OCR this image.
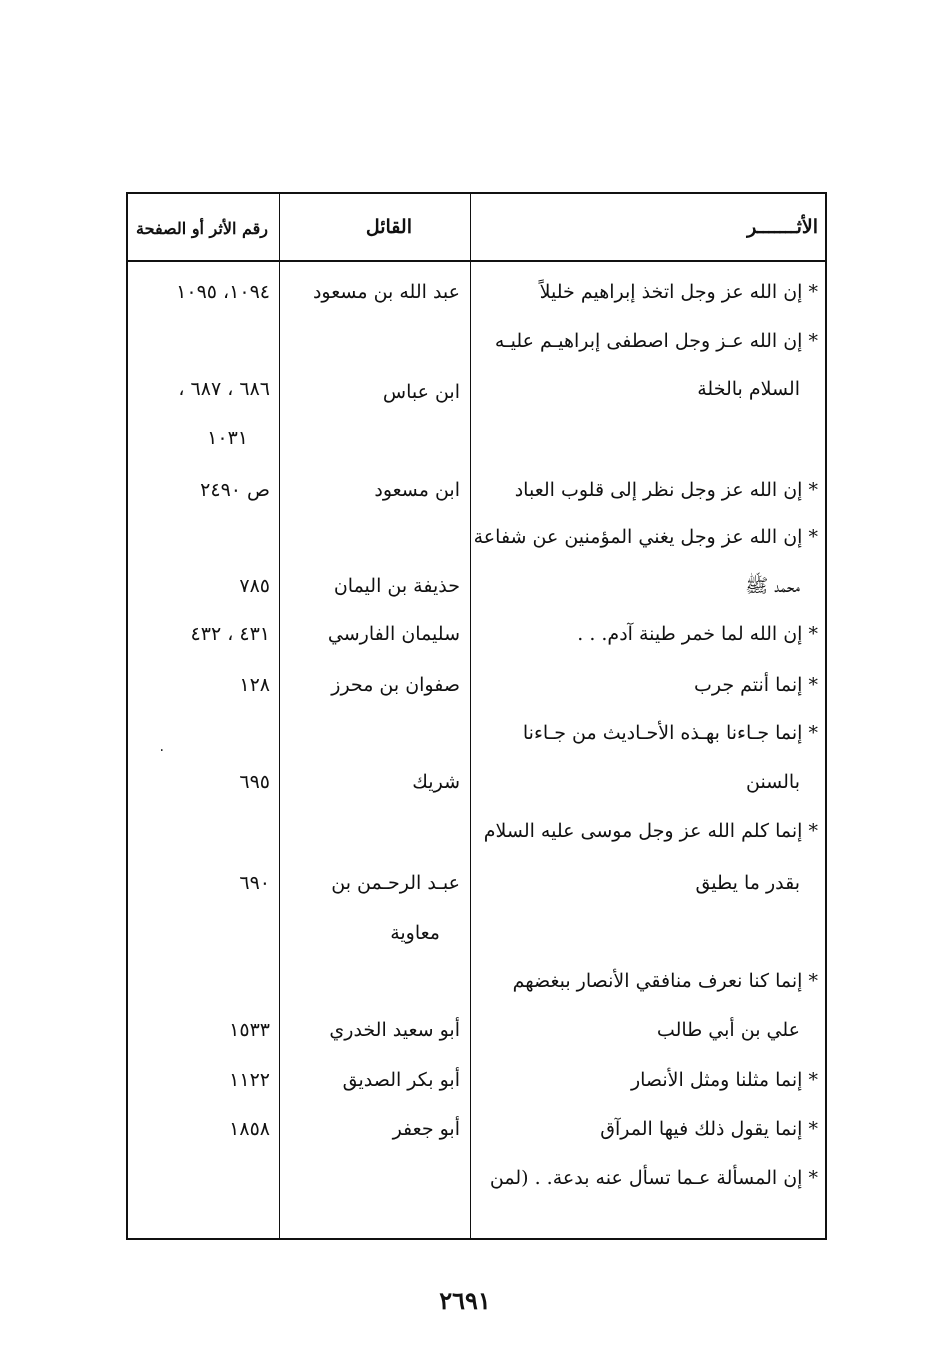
الأثـــــــر
القائل
رقم الأثر أو الصفحة
* إن الله عز وجل اتخذ إبراهيم خليلاً
عبد الله بن مسعود
١٠٩٤، ١٠٩٥
* إن الله عـز وجل اصطفى إبراهيـم عليـه
السلام بالخلة
ابن عباس
٦٨٦ ، ٦٨٧ ،
١٠٣١
* إن الله عز وجل نظر إلى قلوب العباد
ابن مسعود
ص ٢٤٩٠
* إن الله عز وجل يغني المؤمنين عن شفاعة
محمد ﷺ
حذيفة بن اليمان
٧٨٥
* إن الله لما خمر طينة آدم. . .
سليمان الفارسي
٤٣١ ، ٤٣٢
* إنما أنتم جرب
صفوان بن محرز
١٢٨
* إنما جـاءنا بهـذه الأحـاديث من جـاءنا
٠
بالسنن
شريك
٦٩٥
* إنما كلم الله عز وجل موسى عليه السلام
بقدر ما يطيق
عبـد الرحـمن بن
٦٩٠
معاوية
* إنما كنا نعرف منافقي الأنصار ببغضهم
علي بن أبي طالب
أبو سعيد الخدري
١٥٣٣
* إنما مثلنا ومثل الأنصار
أبو بكر الصديق
١١٢٢
* إنما يقول ذلك فيها المرآق
أبو جعفر
١٨٥٨
* إن المسألة عـما تسأل عنه بدعة. . (لمن
٢٦٩١
